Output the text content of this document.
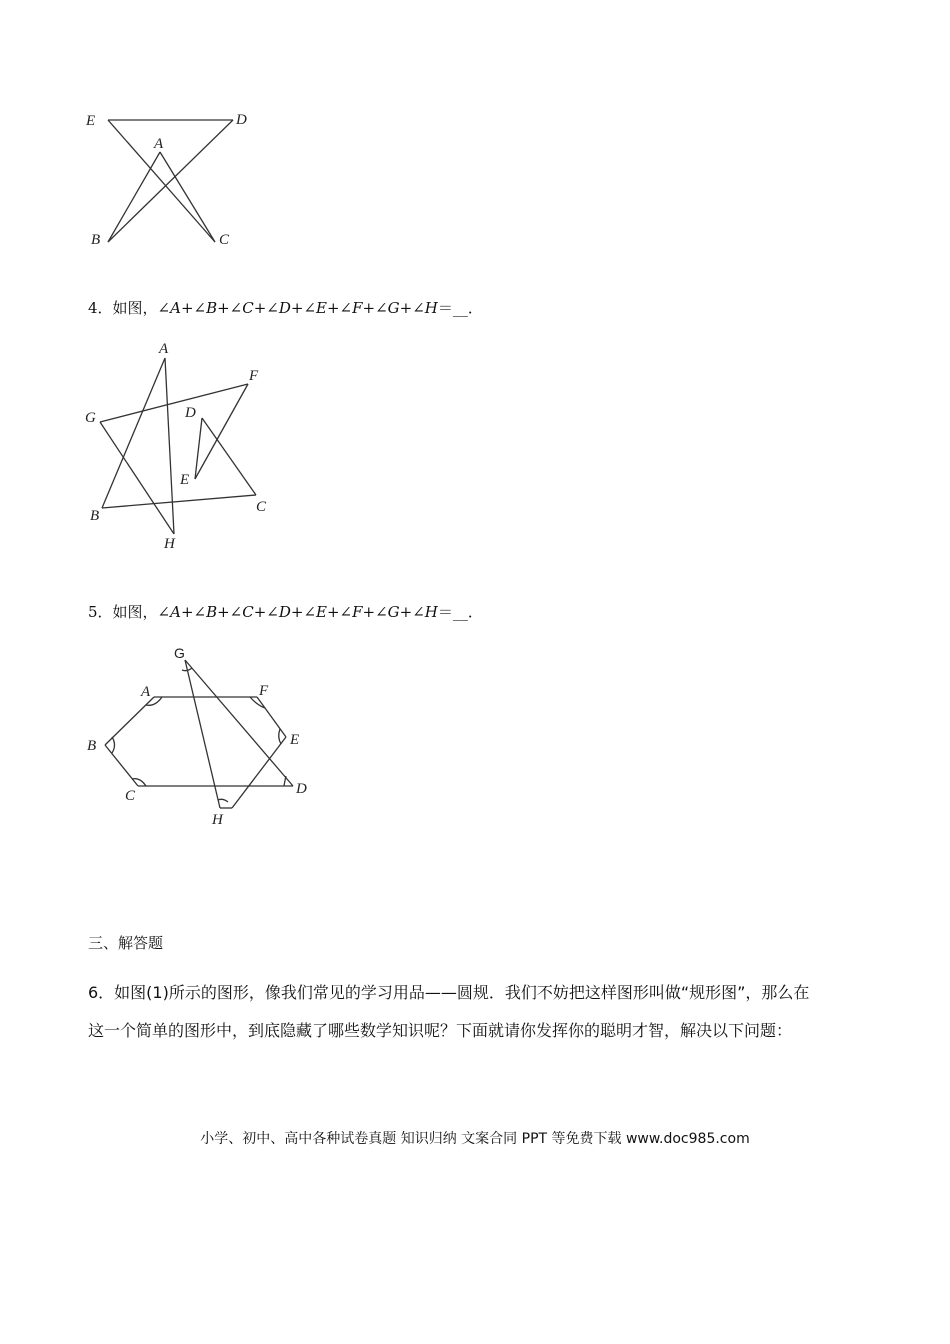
E	D
A
B	C
4．如图，∠A+∠B+∠C+∠D+∠E+∠F+∠G+∠H＝__．
A
F
G	D
E
B
C
H
5．如图，∠A+∠B+∠C+∠D+∠E+∠F+∠G+∠H＝__．
G
A	F
B	E
C	D
H
三、解答题
6．如图(1)所示的图形，像我们常见的学习用品——圆规．我们不妨把这样图形叫做“规形图”，那么在
这一个简单的图形中，到底隐藏了哪些数学知识呢？下面就请你发挥你的聪明才智，解决以下问题：
小学、初中、高中各种试卷真题 知识归纳 文案合同 PPT 等免费下载 www.doc985.com
